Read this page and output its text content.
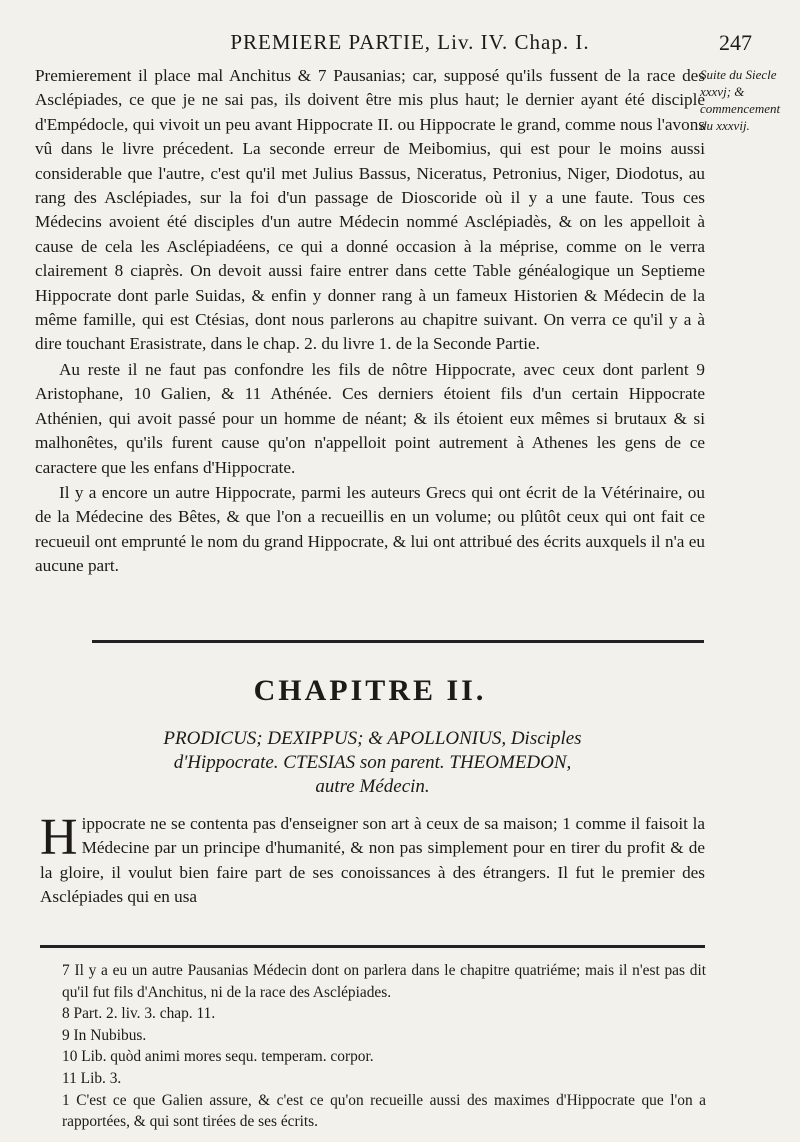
PREMIERE PARTIE, Liv. IV. Chap. I.	247
Suite du Siecle xxxvj; & commencement du xxxvij.

Premierement il place mal Anchitus & 7 Pausanias; car, supposé qu'ils fussent de la race des Asclépiades, ce que je ne sai pas, ils doivent être mis plus haut; le dernier ayant été disciple d'Empédocle, qui vivoit un peu avant Hippocrate II. ou Hippocrate le grand, comme nous l'avons vû dans le livre précedent. La seconde erreur de Meibomius, qui est pour le moins aussi considerable que l'autre, c'est qu'il met Julius Bassus, Niceratus, Petronius, Niger, Diodotus, au rang des Asclépiades, sur la foi d'un passage de Dioscoride où il y a une faute. Tous ces Médecins avoient été disciples d'un autre Médecin nommé Asclépiadès, & on les appelloit à cause de cela les Asclépiadéens, ce qui a donné occasion à la méprise, comme on le verra clairement 8 ciaprès. On devoit aussi faire entrer dans cette Table généalogique un Septieme Hippocrate dont parle Suidas, & enfin y donner rang à un fameux Historien & Médecin de la même famille, qui est Ctésias, dont nous parlerons au chapitre suivant. On verra ce qu'il y a à dire touchant Erasistrate, dans le chap. 2. du livre 1. de la Seconde Partie.

Au reste il ne faut pas confondre les fils de nôtre Hippocrate, avec ceux dont parlent 9 Aristophane, 10 Galien, & 11 Athénée. Ces derniers étoient fils d'un certain Hippocrate Athénien, qui avoit passé pour un homme de néant; & ils étoient eux mêmes si brutaux & si malhonêtes, qu'ils furent cause qu'on n'appelloit point autrement à Athenes les gens de ce caractere que les enfans d'Hippocrate.

Il y a encore un autre Hippocrate, parmi les auteurs Grecs qui ont écrit de la Vétérinaire, ou de la Médecine des Bêtes, & que l'on a recueillis en un volume; ou plûtôt ceux qui ont fait ce recueuil ont emprunté le nom du grand Hippocrate, & lui ont attribué des écrits auxquels il n'a eu aucune part.

CHAPITRE II.
PRODICUS; DEXIPPUS; & APOLLONIUS, Disciples
d'Hippocrate. CTESIAS son parent. THEOMEDON,
autre Médecin.
H ippocrate ne se contenta pas d'enseigner son art à ceux de sa maison; 1 comme il faisoit la Médecine par un principe d'humanité, & non pas simplement pour en tirer du profit & de la gloire, il voulut bien faire part de ses conoissances à des étrangers. Il fut le premier des Asclépiades qui en usa

7 Il y a eu un autre Pausanias Médecin dont on parlera dans le chapitre quatriéme; mais il n'est pas dit qu'il fut fils d'Anchitus, ni de la race des Asclépiades.

8 Part. 2. liv. 3. chap. 11.

9 In Nubibus.

10 Lib. quòd animi mores sequ. temperam. corpor.

11 Lib. 3.

1 C'est ce que Galien assure, & c'est ce qu'on recueille aussi des maximes d'Hippocrate que l'on a rapportées, & qui sont tirées de ses écrits.
